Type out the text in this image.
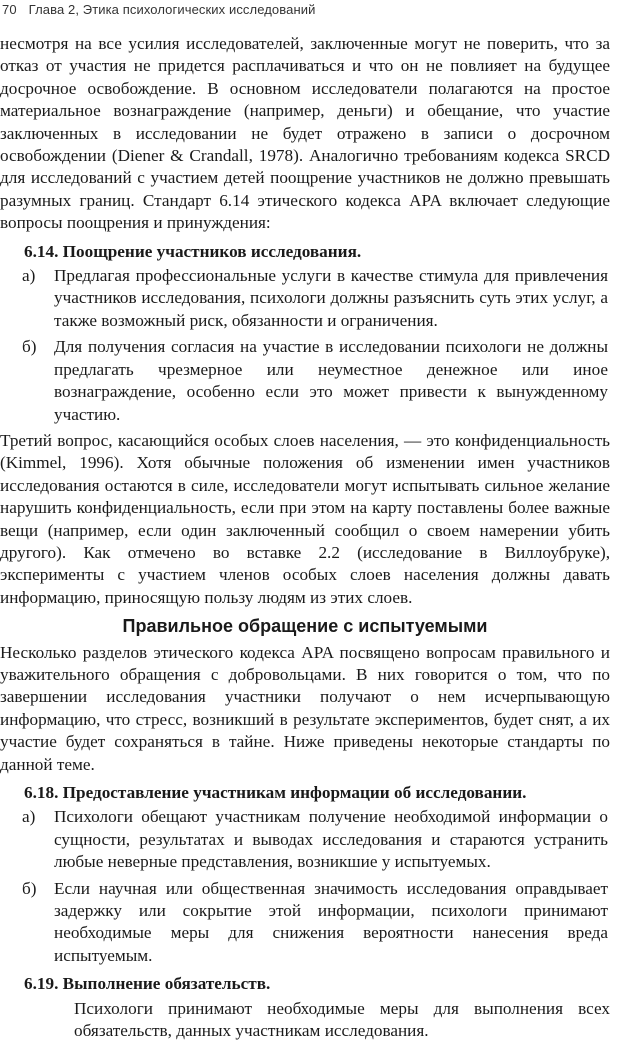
70 Глава 2, Этика психологических исследований

несмотря на все усилия исследователей, заключенные могут не поверить, что за отказ от участия не придется расплачиваться и что он не повлияет на будущее досрочное освобождение. В основном исследователи полагаются на простое материальное вознаграждение (например, деньги) и обещание, что участие заключенных в исследовании не будет отражено в записи о досрочном освобождении (Diener & Crandall, 1978). Аналогично требованиям кодекса SRCD для исследований с участием детей поощрение участников не должно превышать разумных границ. Стандарт 6.14 этического кодекса APA включает следующие вопросы поощрения и принуждения:

6.14. Поощрение участников исследования.
а)	Предлагая профессиональные услуги в качестве стимула для привлечения участников исследования, психологи должны разъяснить суть этих услуг, а также возможный риск, обязанности и ограничения.
б)	Для получения согласия на участие в исследовании психологи не должны предлагать чрезмерное или неуместное денежное или иное вознаграждение, особенно если это может привести к вынужденному участию.

Третий вопрос, касающийся особых слоев населения, — это конфиденциальность (Kimmel, 1996). Хотя обычные положения об изменении имен участников исследования остаются в силе, исследователи могут испытывать сильное желание нарушить конфиденциальность, если при этом на карту поставлены более важные вещи (например, если один заключенный сообщил о своем намерении убить другого). Как отмечено во вставке 2.2 (исследование в Виллоубруке), эксперименты с участием членов особых слоев населения должны давать информацию, приносящую пользу людям из этих слоев.

Правильное обращение с испытуемыми

Несколько разделов этического кодекса APA посвящено вопросам правильного и уважительного обращения с добровольцами. В них говорится о том, что по завершении исследования участники получают о нем исчерпывающую информацию, что стресс, возникший в результате экспериментов, будет снят, а их участие будет сохраняться в тайне. Ниже приведены некоторые стандарты по данной теме.

6.18. Предоставление участникам информации об исследовании.
а)	Психологи обещают участникам получение необходимой информации о сущности, результатах и выводах исследования и стараются устранить любые неверные представления, возникшие у испытуемых.
б)	Если научная или общественная значимость исследования оправдывает задержку или сокрытие этой информации, психологи принимают необходимые меры для снижения вероятности нанесения вреда испытуемым.
6.19. Выполнение обязательств.

Психологи принимают необходимые меры для выполнения всех обязательств, данных участникам исследования.
